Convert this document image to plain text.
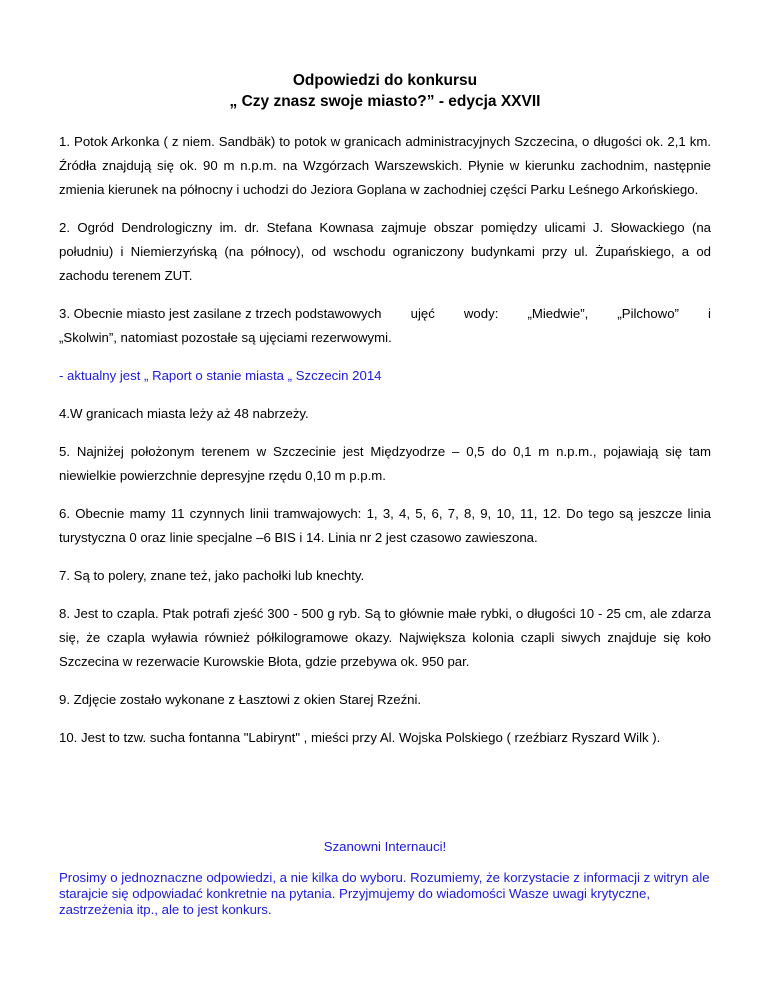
Odpowiedzi do konkursu
„ Czy znasz swoje miasto?” - edycja XXVII

1. Potok Arkonka ( z niem. Sandbäk) to potok w granicach administracyjnych Szczecina, o długości ok. 2,1 km. Źródła znajdują się ok. 90 m n.p.m. na Wzgórzach Warszewskich. Płynie w kierunku zachodnim, następnie zmienia kierunek na północny i uchodzi do Jeziora Goplana w zachodniej części Parku Leśnego Arkońskiego.

2. Ogród Dendrologiczny im. dr. Stefana Kownasa zajmuje obszar pomiędzy ulicami J. Słowackiego (na południu) i Niemierzyńską (na północy), od wschodu ograniczony budynkami przy ul. Żupańskiego, a od zachodu terenem ZUT.

3. Obecnie miasto jest zasilane z trzech podstawowych ujęć wody: „Miedwie”, „Pilchowo” i
„Skolwin”, natomiast pozostałe są ujęciami rezerwowymi.
- aktualny jest „ Raport o stanie miasta „ Szczecin 2014

4.W granicach miasta leży aż 48 nabrzeży.

5. Najniżej położonym terenem w Szczecinie jest Międzyodrze – 0,5 do 0,1 m n.p.m., pojawiają się tam niewielkie powierzchnie depresyjne rzędu 0,10 m p.p.m.

6. Obecnie mamy 11 czynnych linii tramwajowych: 1, 3, 4, 5, 6, 7, 8, 9, 10, 11, 12. Do tego są jeszcze linia turystyczna 0 oraz linie specjalne –6 BIS i 14. Linia nr 2 jest czasowo zawieszona.

7. Są to polery, znane też, jako pachołki lub knechty.

8. Jest to czapla. Ptak potrafi zjeść 300 - 500 g ryb. Są to głównie małe rybki, o długości 10 - 25 cm, ale zdarza się, że czapla wyławia również półkilogramowe okazy. Największa kolonia czapli siwych znajduje się koło Szczecina w rezerwacie Kurowskie Błota, gdzie przebywa ok. 950 par.

9. Zdjęcie zostało wykonane z Łasztowi z okien Starej Rzeźni.

10. Jest to tzw. sucha fontanna "Labirynt" , mieści przy Al. Wojska Polskiego ( rzeźbiarz Ryszard Wilk ).

Szanowni Internauci!

Prosimy o jednoznaczne odpowiedzi, a nie kilka do wyboru. Rozumiemy, że korzystacie z informacji z witryn ale starajcie się odpowiadać konkretnie na pytania. Przyjmujemy do wiadomości Wasze uwagi krytyczne, zastrzeżenia itp., ale to jest konkurs.
